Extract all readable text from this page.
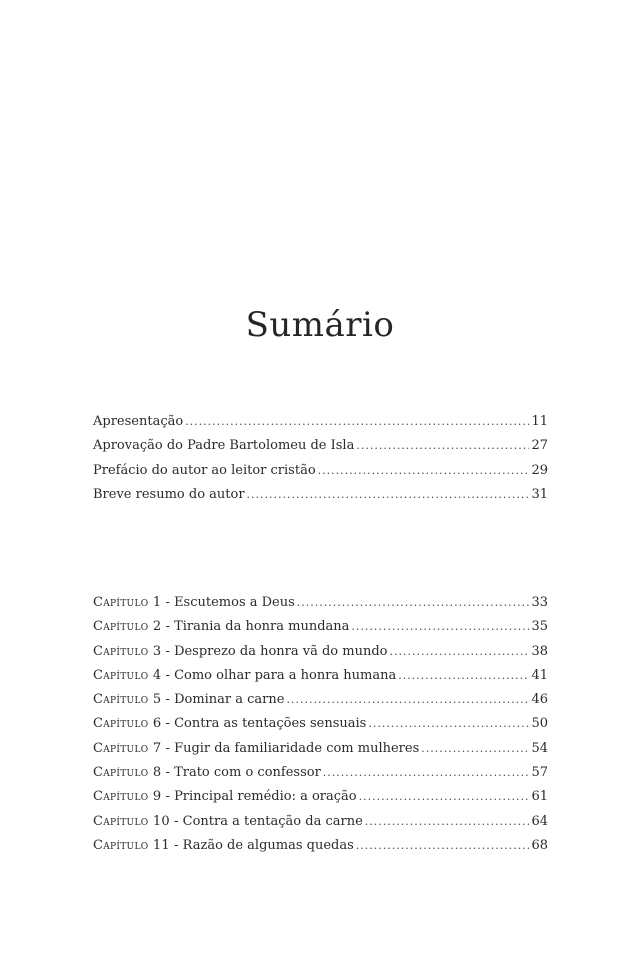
Sumário
Apresentação .....	11
Aprovação do Padre Bartolomeu de Isla .....	27
Prefácio do autor ao leitor cristão .....	29
Breve resumo do autor .....	31
Capítulo 1 - Escutemos a Deus .....	33
Capítulo 2 - Tirania da honra mundana .....	35
Capítulo 3 - Desprezo da honra vã do mundo .....	38
Capítulo 4 - Como olhar para a honra humana .....	41
Capítulo 5 - Dominar a carne .....	46
Capítulo 6 - Contra as tentações sensuais .....	50
Capítulo 7 - Fugir da familiaridade com mulheres .....	54
Capítulo 8 - Trato com o confessor .....	57
Capítulo 9 - Principal remédio: a oração .....	61
Capítulo 10 - Contra a tentação da carne .....	64
Capítulo 11 - Razão de algumas quedas .....	68
